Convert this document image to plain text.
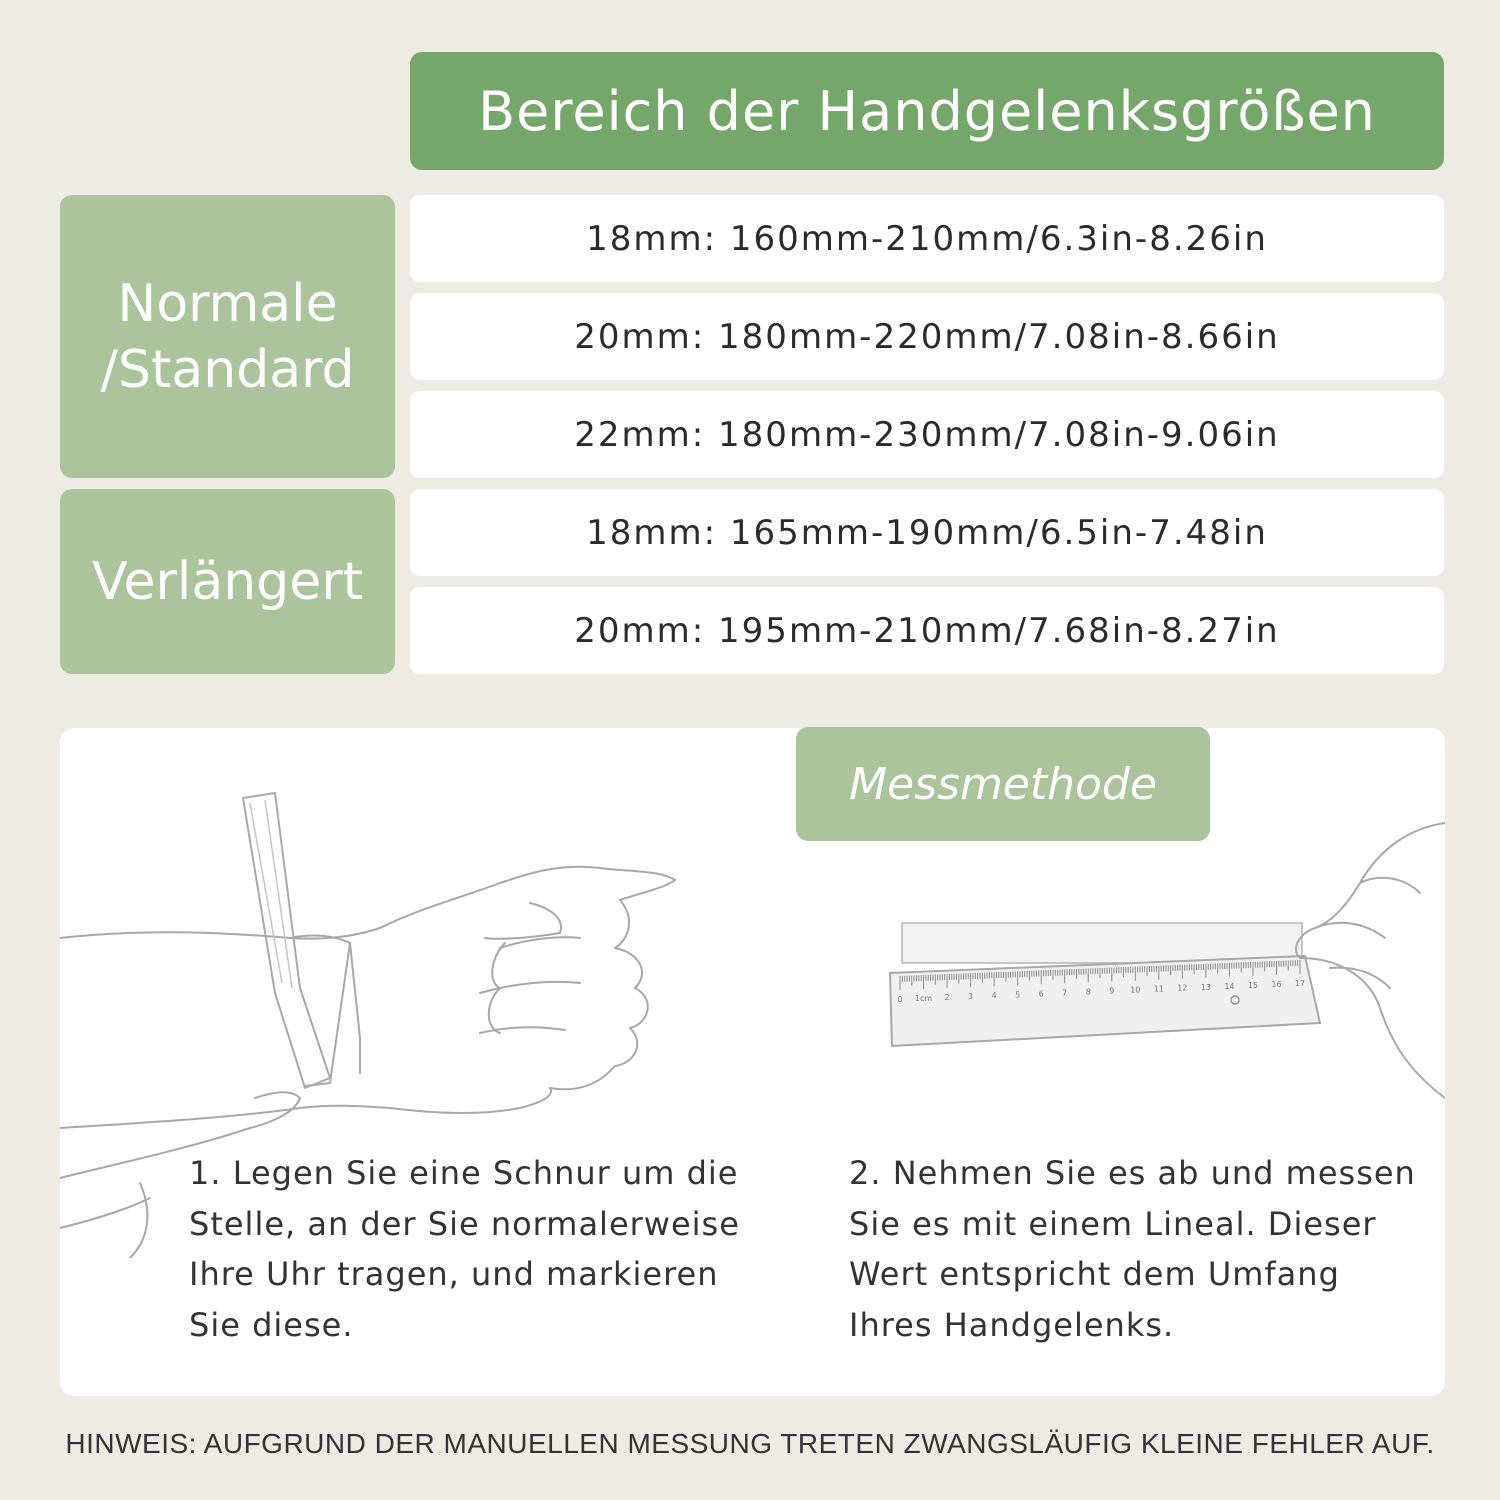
Bereich der Handgelenksgrößen
Normale
/Standard
Verlängert
18mm: 160mm-210mm/6.3in-8.26in
20mm: 180mm-220mm/7.08in-8.66in
22mm: 180mm-230mm/7.08in-9.06in
18mm: 165mm-190mm/6.5in-7.48in
20mm: 195mm-210mm/7.68in-8.27in
0 1cm 2 3 4 5 6 7 8 9 10 11 12 13 14 15 16 17
1. Legen Sie eine Schnur um die Stelle, an der Sie normalerweise Ihre Uhr tragen, und markieren Sie diese.
2. Nehmen Sie es ab und messen Sie es mit einem Lineal. Dieser Wert entspricht dem Umfang Ihres Handgelenks.
Messmethode
HINWEIS: AUFGRUND DER MANUELLEN MESSUNG TRETEN ZWANGSLÄUFIG KLEINE FEHLER AUF.
